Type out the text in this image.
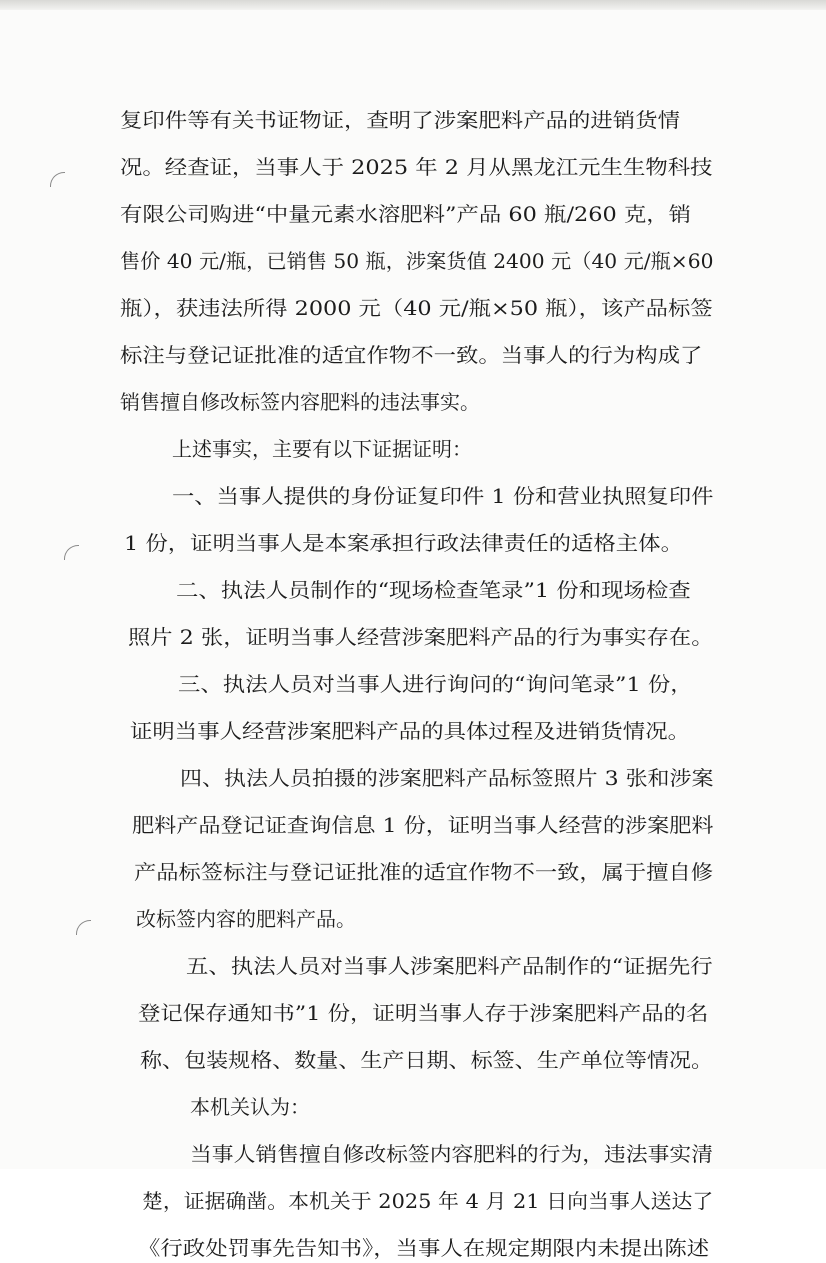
复印件等有关书证物证，查明了涉案肥料产品的进销货情
况。经查证，当事人于 2025 年 2 月从黑龙江元生生物科技
有限公司购进“中量元素水溶肥料”产品 60 瓶/260 克，销
售价 40 元/瓶，已销售 50 瓶，涉案货值 2400 元（40 元/瓶×60
瓶），获违法所得 2000 元（40 元/瓶×50 瓶），该产品标签
标注与登记证批准的适宜作物不一致。当事人的行为构成了
销售擅自修改标签内容肥料的违法事实。
上述事实，主要有以下证据证明：
一、当事人提供的身份证复印件 1 份和营业执照复印件
1 份，证明当事人是本案承担行政法律责任的适格主体。
二、执法人员制作的“现场检查笔录”1 份和现场检查
照片 2 张，证明当事人经营涉案肥料产品的行为事实存在。
三、执法人员对当事人进行询问的“询问笔录”1 份，
证明当事人经营涉案肥料产品的具体过程及进销货情况。
四、执法人员拍摄的涉案肥料产品标签照片 3 张和涉案
肥料产品登记证查询信息 1 份，证明当事人经营的涉案肥料
产品标签标注与登记证批准的适宜作物不一致，属于擅自修
改标签内容的肥料产品。
五、执法人员对当事人涉案肥料产品制作的“证据先行
登记保存通知书”1 份，证明当事人存于涉案肥料产品的名
称、包装规格、数量、生产日期、标签、生产单位等情况。
本机关认为：
当事人销售擅自修改标签内容肥料的行为，违法事实清
楚，证据确凿。本机关于 2025 年 4 月 21 日向当事人送达了
《行政处罚事先告知书》，当事人在规定期限内未提出陈述
